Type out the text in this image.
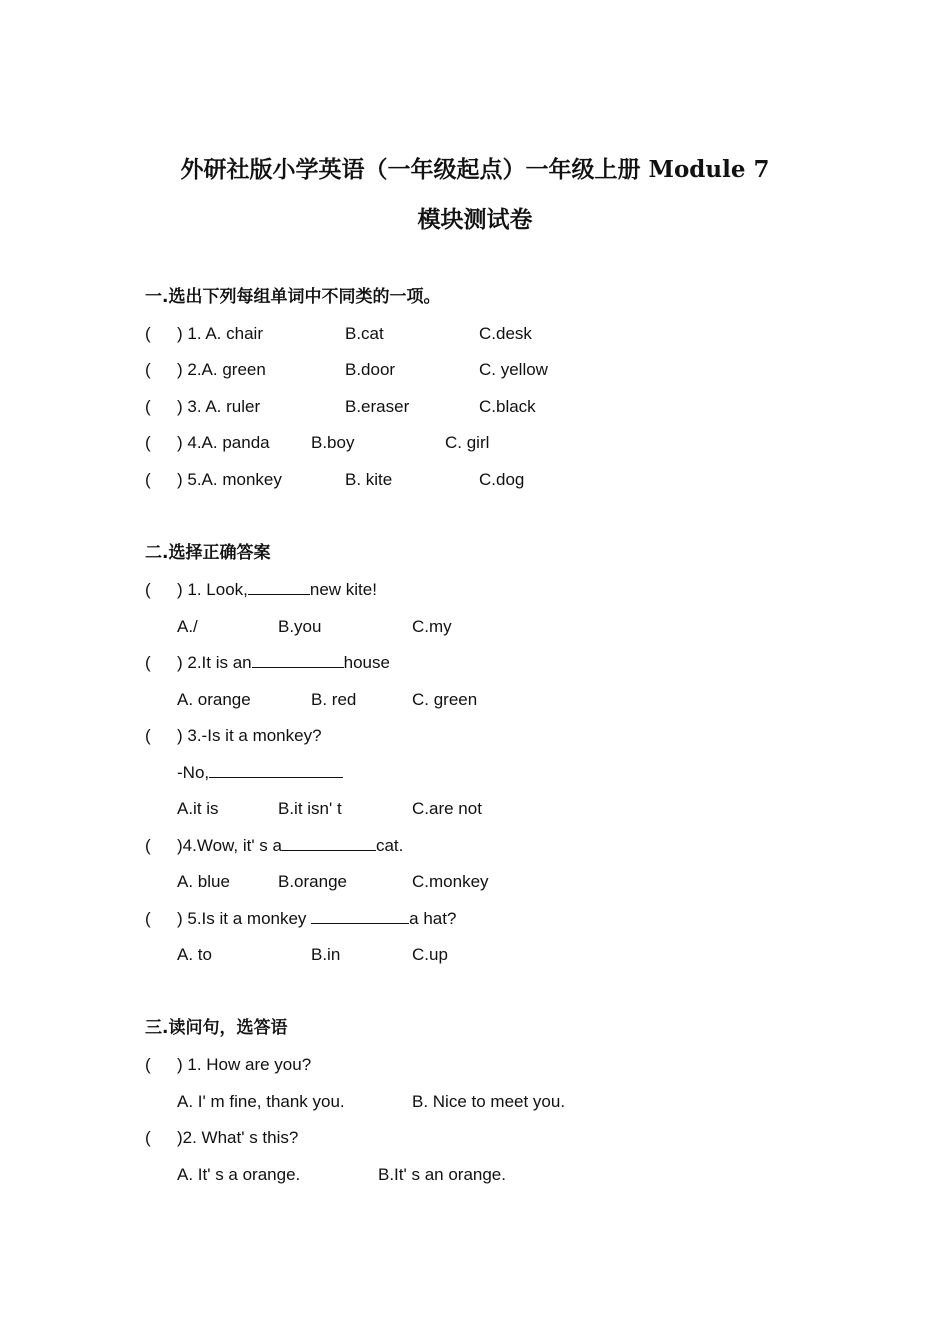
外研社版小学英语（一年级起点）一年级上册 Module 7
模块测试卷
一.选出下列每组单词中不同类的一项。
( ) 1. A. chair	B.cat	C.desk
( ) 2.A. green	B.door	C. yellow
( ) 3. A. ruler	B.eraser	C.black
( ) 4.A. panda B.boy	C. girl
( ) 5.A. monkey	B. kite	C.dog
二.选择正确答案
( ) 1. Look,	new kite!
A./	B.you	C.my
( ) 2.It is an	house
A. orange	B. red	C. green
( ) 3.-Is it a monkey?
-No,
A.it is	B.it isn' t	C.are not
( )4.Wow, it' s a	cat.
A. blue	B.orange	C.monkey
( ) 5.Is it a monkey	a hat?
A. to	B.in	C.up
三.读问句，选答语
( ) 1. How are you?
A. I' m fine, thank you.	B. Nice to meet you.
( )2. What' s this?
A. It' s a orange.	B.It' s an orange.
